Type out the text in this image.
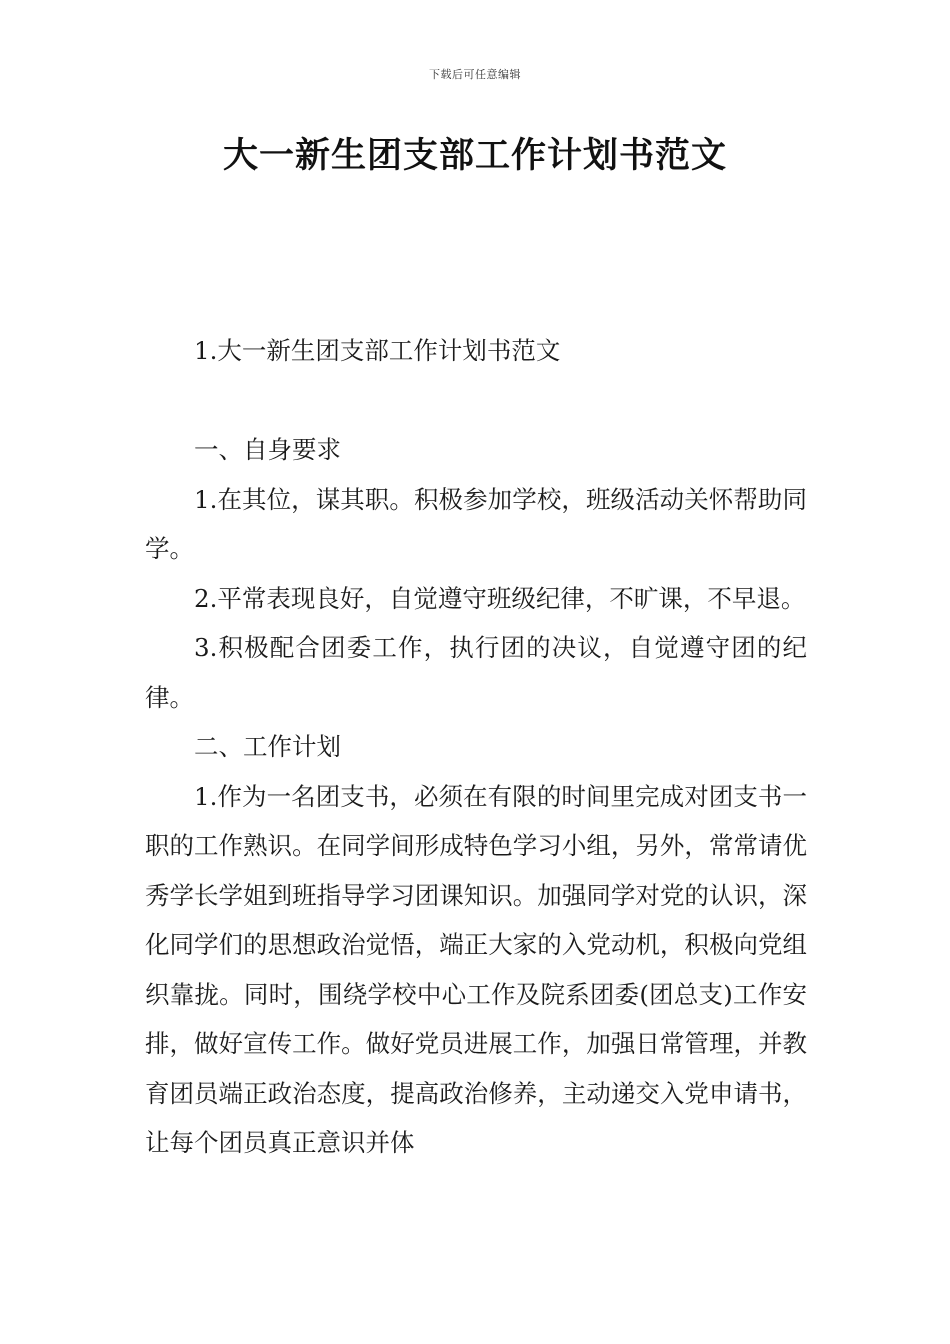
下载后可任意编辑
大一新生团支部工作计划书范文

1.大一新生团支部工作计划书范文

一、自身要求

1.在其位，谋其职。积极参加学校，班级活动关怀帮助同学。

2.平常表现良好，自觉遵守班级纪律，不旷课，不早退。

3.积极配合团委工作，执行团的决议，自觉遵守团的纪律。

二、工作计划

1.作为一名团支书，必须在有限的时间里完成对团支书一职的工作熟识。在同学间形成特色学习小组，另外，常常请优秀学长学姐到班指导学习团课知识。加强同学对党的认识，深化同学们的思想政治觉悟，端正大家的入党动机，积极向党组织靠拢。同时，围绕学校中心工作及院系团委(团总支)工作安排，做好宣传工作。做好党员进展工作，加强日常管理，并教育团员端正政治态度，提高政治修养，主动递交入党申请书，让每个团员真正意识并体
